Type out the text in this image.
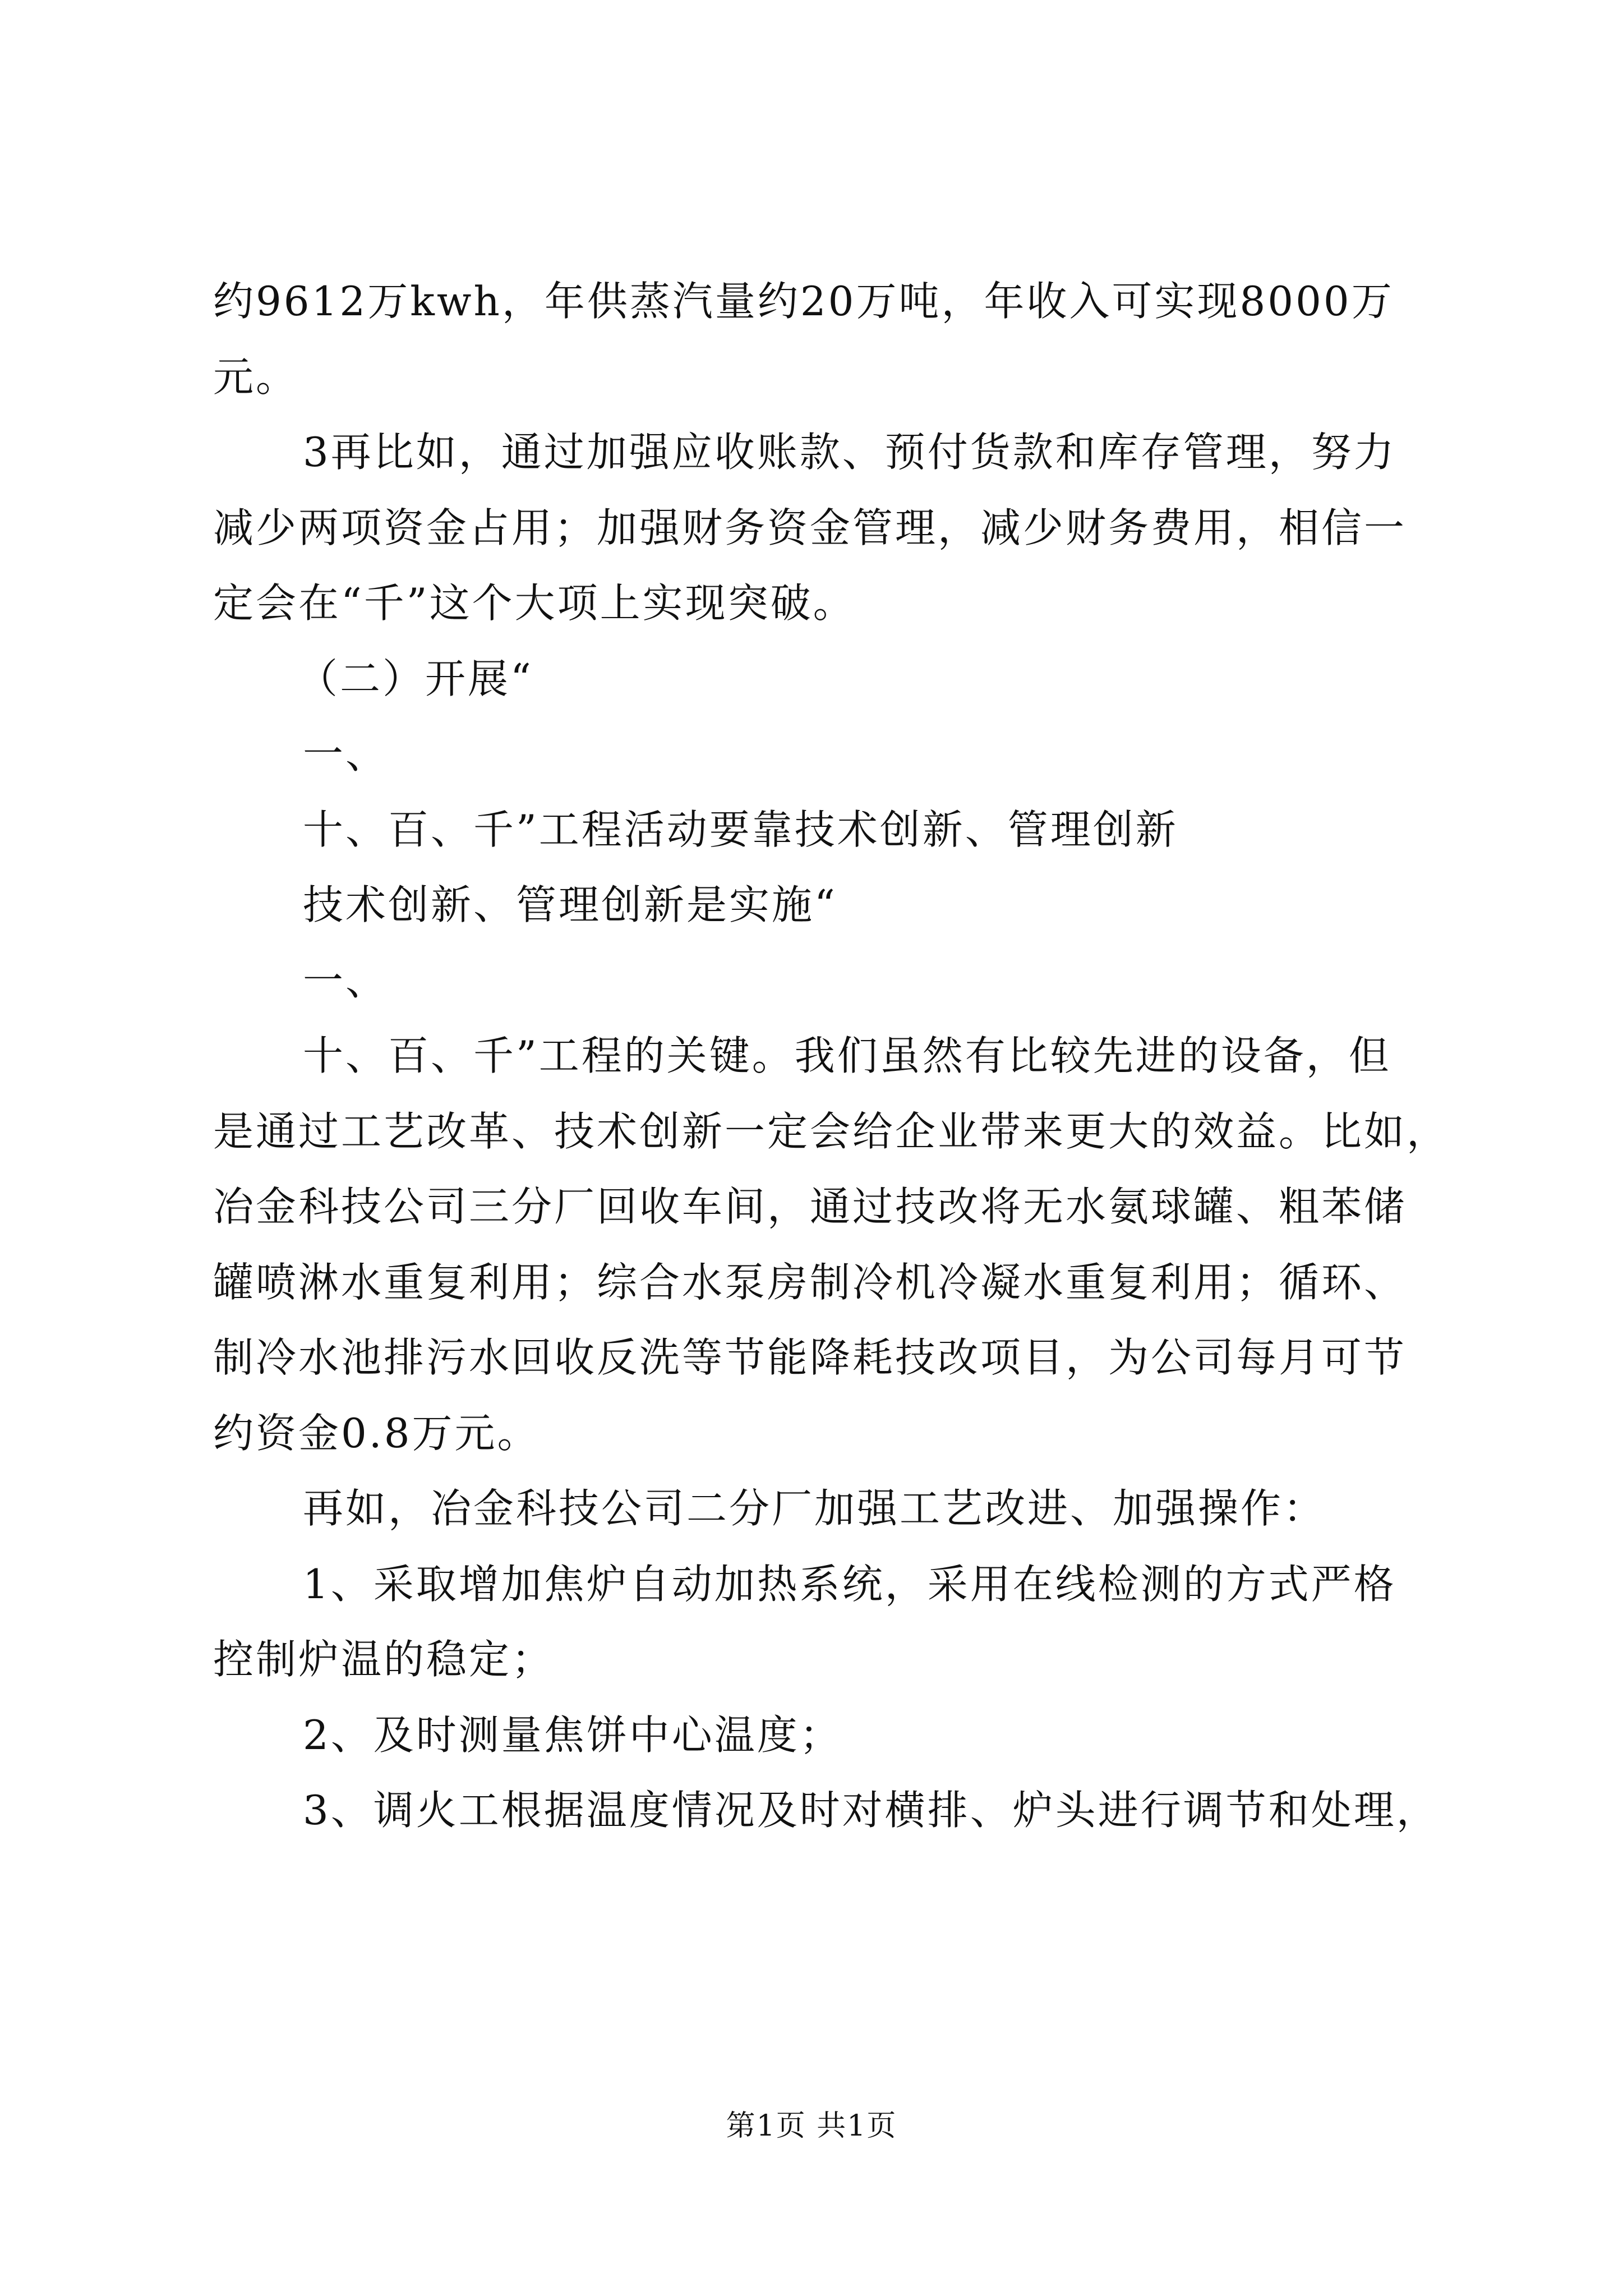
约9612万kwh，年供蒸汽量约20万吨，年收入可实现8000万
元。
3再比如，通过加强应收账款、预付货款和库存管理，努力
减少两项资金占用；加强财务资金管理，减少财务费用，相信一
定会在“千”这个大项上实现突破。
（二）开展“
一、
十、百、千”工程活动要靠技术创新、管理创新
技术创新、管理创新是实施“
一、
十、百、千”工程的关键。我们虽然有比较先进的设备，但
是通过工艺改革、技术创新一定会给企业带来更大的效益。比如，
冶金科技公司三分厂回收车间，通过技改将无水氨球罐、粗苯储
罐喷淋水重复利用；综合水泵房制冷机冷凝水重复利用；循环、
制冷水池排污水回收反洗等节能降耗技改项目，为公司每月可节
约资金0.8万元。
再如，冶金科技公司二分厂加强工艺改进、加强操作：
1、采取增加焦炉自动加热系统，采用在线检测的方式严格
控制炉温的稳定；
2、及时测量焦饼中心温度；
3、调火工根据温度情况及时对横排、炉头进行调节和处理，
第1页 共1页
